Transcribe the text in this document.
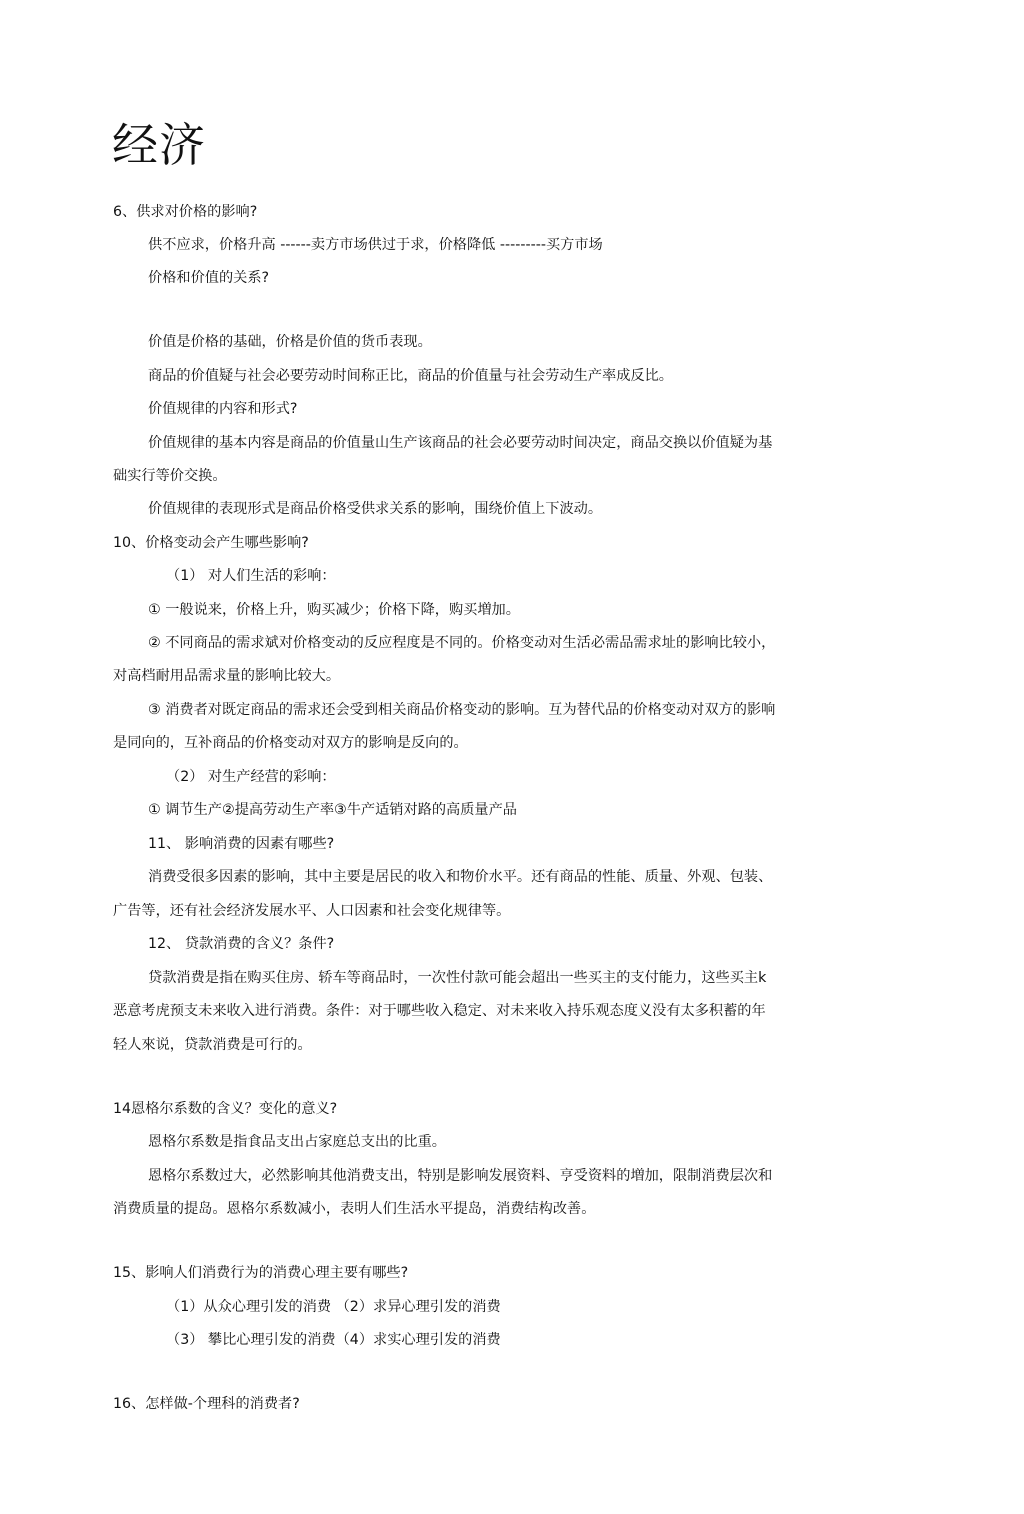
经济
6、供求对价格的影响?
供不应求，价格升高 ------卖方市场供过于求，价格降低 ---------买方市场
价格和价值的关系?
价值是价格的基础，价格是价值的货币表现。
商品的价值疑与社会必要劳动时间称正比，商品的价值量与社会劳动生产率成反比。
价值规律的内容和形式?
价值规律的基本内容是商品的价值量山生产该商品的社会必要劳动时间决定，商品交换以价值疑为基
础实行等价交换。
价值规律的表现形式是商品价格受供求关系的影响，围绕价值上下波动。
10、价格变动会产生哪些影响?
（1） 对人们生活的彩响：
① 一般说来，价格上升，购买减少；价格下降，购买増加。
② 不同商品的需求斌对价格变动的反应程度是不同的。价格变动对生活必需品需求址的影响比较小，
对高档耐用品需求量的影响比较大。
③ 消费者对既定商品的需求还会受到相关商品价格变动的影响。互为替代品的价格变动对双方的影响
是同向的，互补商品的价格变动对双方的影响是反向的。
（2） 对生产经营的彩响：
① 调节生产②提高劳动生产率③牛产适销对路的高质量产品
11、 影响消费的因素有哪些?
消费受很多因素的影响，其中主要是居民的收入和物价水平。还有商品的性能、质量、外观、包装、
广告等，还有社会经济发展水平、人口因素和社会变化规律等。
12、 贷款消费的含义？条件?
贷款消费是指在购买住房、轿车等商品时，一次性付款可能会超出一些买主的支付能力，这些买主k
恶意考虎预支未来收入进行消费。条件：对于哪些收入稳定、对未来收入持乐观态度义没有太多积蓄的年
轻人來说，贷款消费是可行的。
14恩格尔系数的含义？变化的意义?
恩格尔系数是指食品支出占家庭总支出的比重。
恩格尔系数过大，必然影响其他消费支出，特别是影响发展资料、亨受资料的増加，限制消费层次和
消费质量的提岛。恩格尔系数减小，表明人们生活水平提岛，消费结构改善。
15、影响人们消费行为的消费心理主要有哪些?
（1）从众心理引发的消费 （2）求异心理引发的消费
（3） 攀比心理引发的消费（4）求实心理引发的消费
16、怎样做-个理科的消费者?
